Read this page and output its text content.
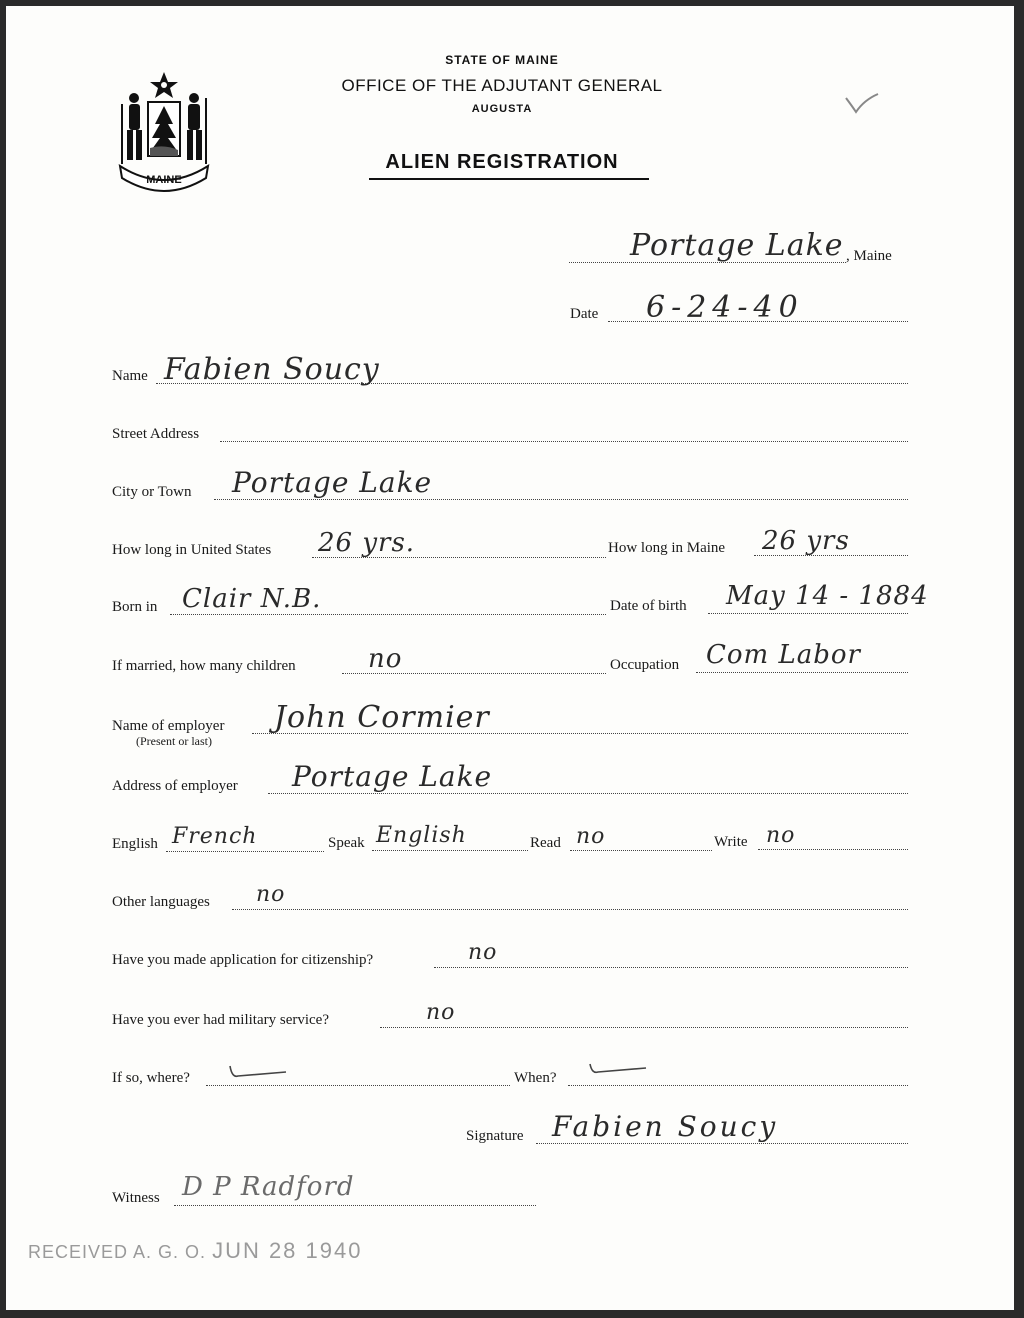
MAINE
STATE OF MAINE
OFFICE OF THE ADJUTANT GENERAL
AUGUSTA
ALIEN REGISTRATION
Portage Lake , Maine
Date 6-24-40
Name Fabien Soucy
Street Address
City or Town Portage Lake
How long in United States 26 yrs.	How long in Maine 26 yrs
Born in Clair N.B.	Date of birth May 14 - 1884
If married, how many children	no	Occupation Com Labor
Name of employer
(Present or last)
John Cormier
Address of employer Portage Lake
English French	Speak English	Read no	Write no
Other languages no
Have you made application for citizenship?	no
Have you ever had military service?	no
If so, where?	When?
Signature Fabien Soucy
Witness D P Radford
RECEIVED A. G. O. JUN 28 1940
